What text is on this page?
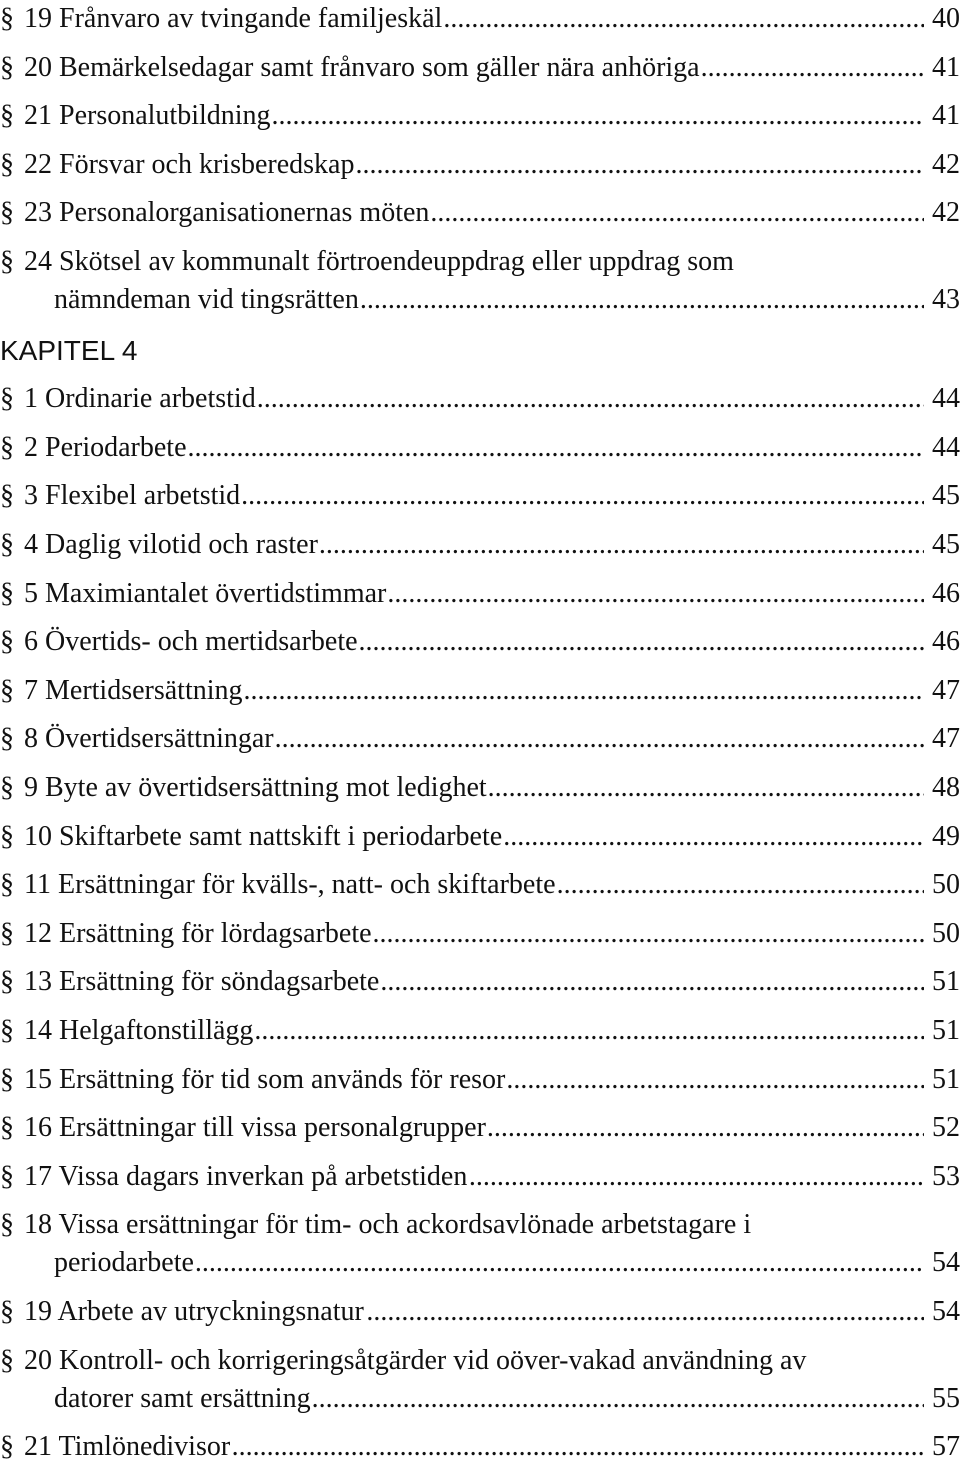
§ 19 Frånvaro av tvingande familjeskäl	40
.....
§ 20 Bemärkelsedagar samt frånvaro som gäller nära anhöriga	41
.....
§ 21 Personalutbildning	41
.....
§ 22 Försvar och krisberedskap	42
.....
§ 23 Personalorganisationernas möten	42
.....
§ 24 Skötsel av kommunalt förtroendeuppdrag eller uppdrag som
nämndeman vid tingsrätten	43
.....
KAPITEL 4
§ 1 Ordinarie arbetstid	44
.....
§ 2 Periodarbete	44
.....
§ 3 Flexibel arbetstid	45
.....
§ 4 Daglig vilotid och raster	45
.....
§ 5 Maximiantalet övertidstimmar	46
.....
§ 6 Övertids- och mertidsarbete	46
.....
§ 7 Mertidsersättning	47
.....
§ 8 Övertidsersättningar	47
.....
§ 9 Byte av övertidsersättning mot ledighet	48
.....
§ 10 Skiftarbete samt nattskift i periodarbete	49
.....
§ 11 Ersättningar för kvälls-, natt- och skiftarbete	50
.....
§ 12 Ersättning för lördagsarbete	50
.....
§ 13 Ersättning för söndagsarbete	51
.....
§ 14 Helgaftonstillägg	51
.....
§ 15 Ersättning för tid som används för resor	51
.....
§ 16 Ersättningar till vissa personalgrupper	52
.....
§ 17 Vissa dagars inverkan på arbetstiden	53
.....
§ 18 Vissa ersättningar för tim- och ackordsavlönade arbetstagare i
periodarbete	54
.....
§ 19 Arbete av utryckningsnatur	54
.....
§ 20 Kontroll- och korrigeringsåtgärder vid oöver-vakad användning av
datorer samt ersättning	55
.....
§ 21 Timlönedivisor	57
.....
